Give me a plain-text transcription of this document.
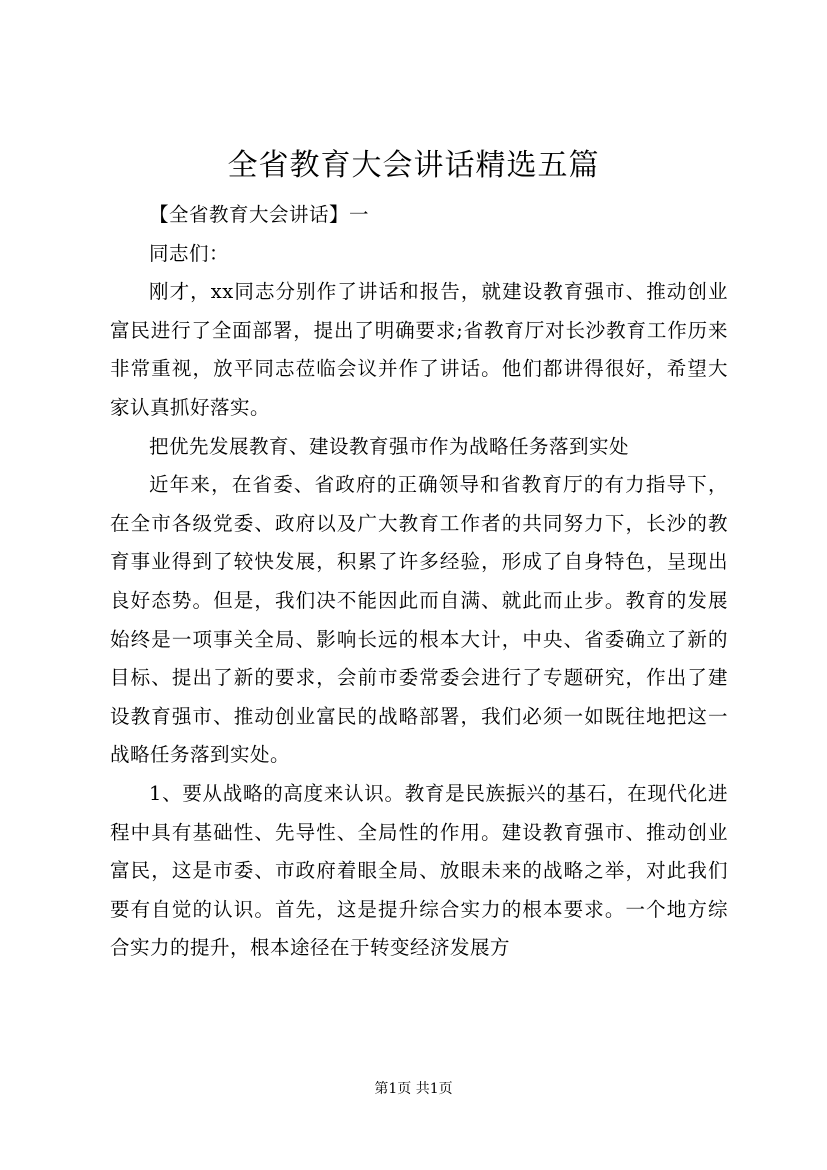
全省教育大会讲话精选五篇

【全省教育大会讲话】一

同志们：

刚才，xx同志分别作了讲话和报告，就建设教育强市、推动创业富民进行了全面部署，提出了明确要求;省教育厅对长沙教育工作历来非常重视，放平同志莅临会议并作了讲话。他们都讲得很好，希望大家认真抓好落实。

把优先发展教育、建设教育强市作为战略任务落到实处

近年来，在省委、省政府的正确领导和省教育厅的有力指导下，在全市各级党委、政府以及广大教育工作者的共同努力下，长沙的教育事业得到了较快发展，积累了许多经验，形成了自身特色，呈现出良好态势。但是，我们决不能因此而自满、就此而止步。教育的发展始终是一项事关全局、影响长远的根本大计，中央、省委确立了新的目标、提出了新的要求，会前市委常委会进行了专题研究，作出了建设教育强市、推动创业富民的战略部署，我们必须一如既往地把这一战略任务落到实处。

1、要从战略的高度来认识。教育是民族振兴的基石，在现代化进程中具有基础性、先导性、全局性的作用。建设教育强市、推动创业富民，这是市委、市政府着眼全局、放眼未来的战略之举，对此我们要有自觉的认识。首先，这是提升综合实力的根本要求。一个地方综合实力的提升，根本途径在于转变经济发展方

第1页 共1页
